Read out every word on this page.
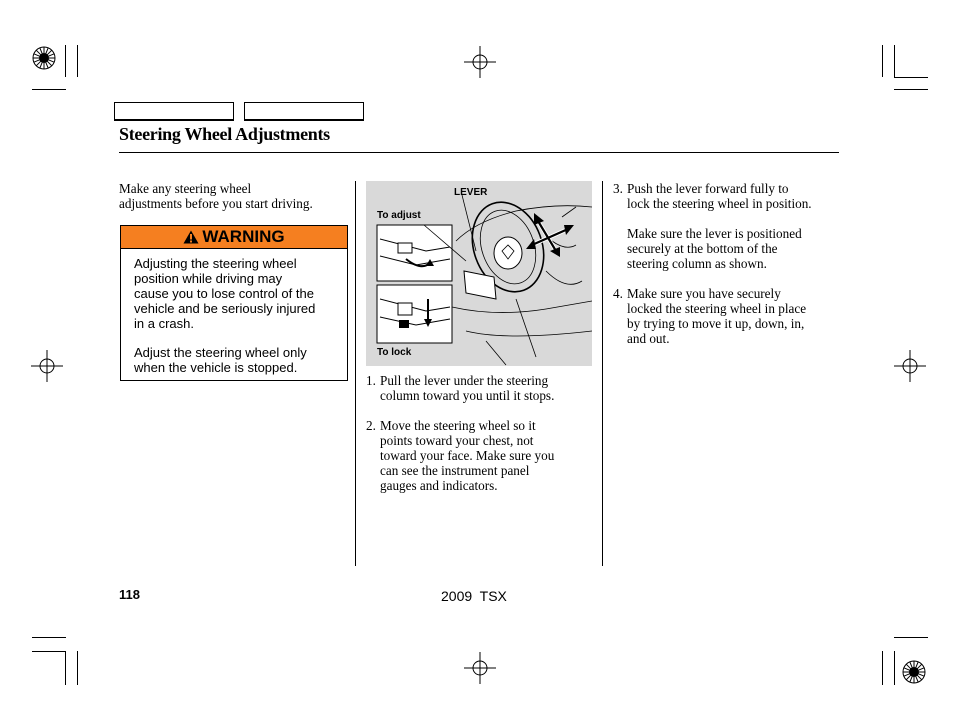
Steering Wheel Adjustments
Make any steering wheel
adjustments before you start driving.
WARNING
Adjusting the steering wheel
position while driving may
cause you to lose control of the
vehicle and be seriously injured
in a crash.
Adjust the steering wheel only
when the vehicle is stopped.
LEVER
To adjust
To lock
1. Pull the lever under the steering
column toward you until it stops.
2. Move the steering wheel so it
points toward your chest, not
toward your face. Make sure you
can see the instrument panel
gauges and indicators.
3. Push the lever forward fully to
lock the steering wheel in position.
Make sure the lever is positioned
securely at the bottom of the
steering column as shown.
4. Make sure you have securely
locked the steering wheel in place
by trying to move it up, down, in,
and out.
118	2009  TSX
